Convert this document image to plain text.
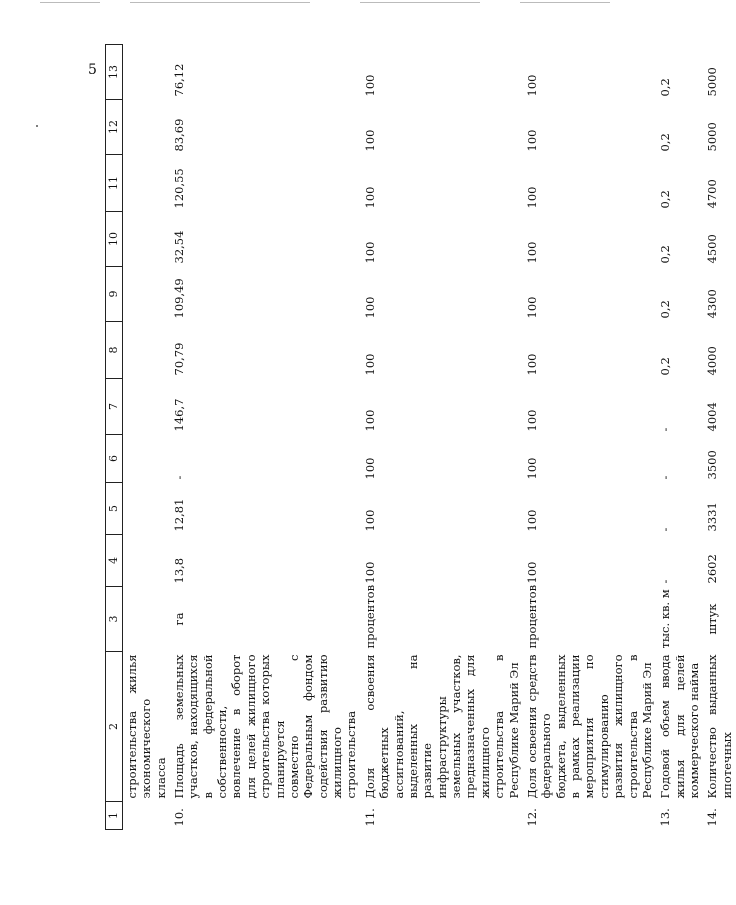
5
1	2	3	4	5	6	7	8	9	10	11	12	13

	строительства
жилья
экономического класса											

10.	Площадь земельных участков, находящихся в федеральной собственности, вовлечение в оборот для целей жилищного строительства которых планируется совместно с Федеральным фондом содействия развитию жилищного строительства	га	13,8	12,81	-	146,7	70,79	109,49	32,54	120,55	83,69	76,12
11.	Доля освоения бюджетных ассигнований, выделенных на развитие инфраструктуры земельных участков, предназначенных для жилищного строительства в Республике Марий Эл	процентов	100	100	100	100	100	100	100	100	100	100
12.	Доля освоения средств федерального бюджета, выделенных в рамках реализации мероприятия по стимулированию развития жилищного строительства в Республике Марий Эл	процентов	100	100	100	100	100	100	100	100	100	100
13.	Годовой объем ввода жилья для целей коммерческого найма	тыс. кв. м	-	-	-	-	0,2	0,2	0,2	0,2	0,2	0,2
14.	Количество выданных ипотечных	штук	2602	3331	3500	4004	4000	4300	4500	4700	5000	5000
